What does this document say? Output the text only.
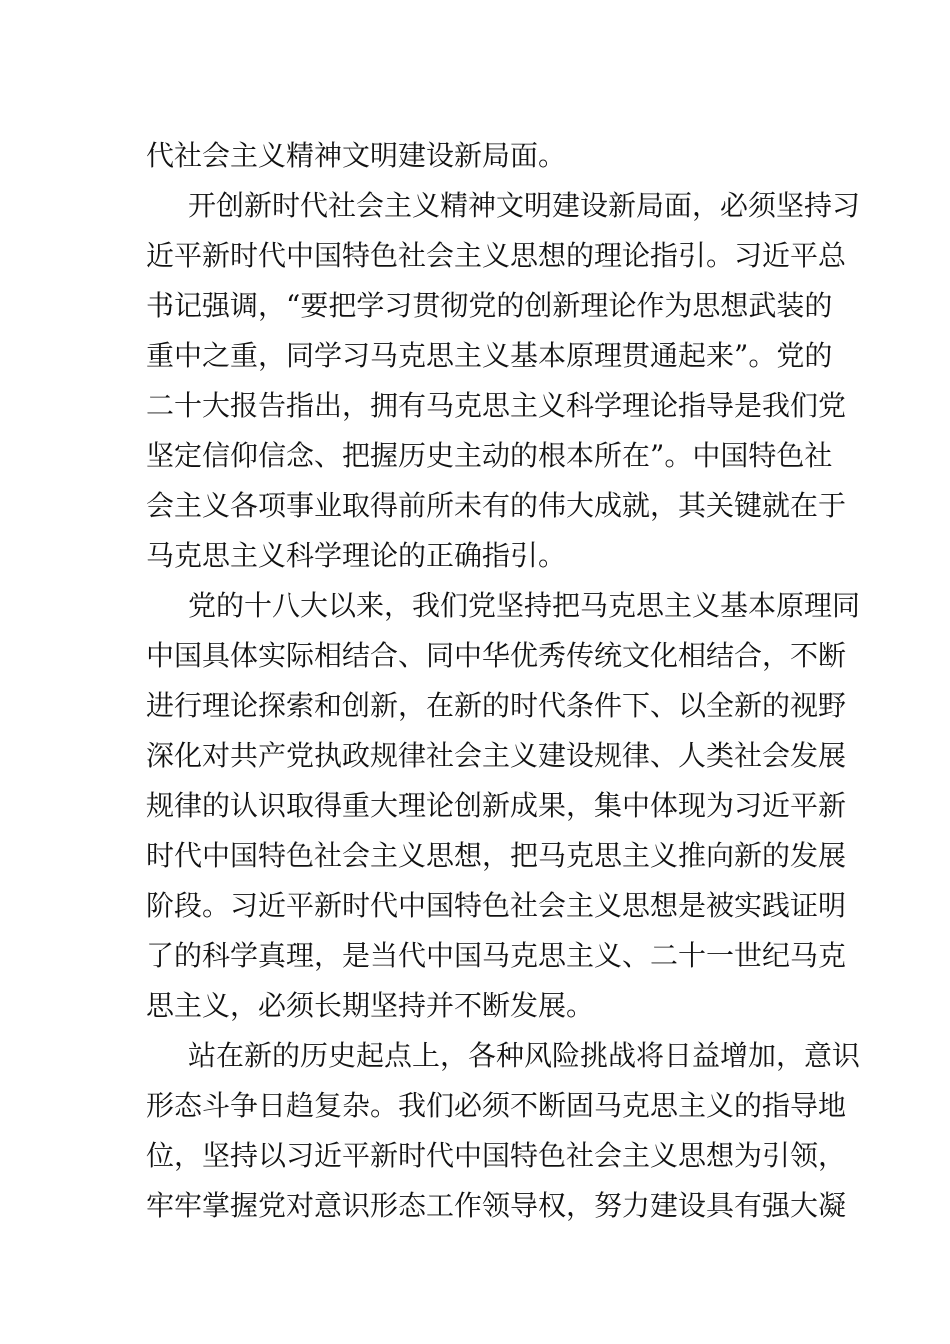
代社会主义精神文明建设新局面。
开创新时代社会主义精神文明建设新局面，必须坚持习
近平新时代中国特色社会主义思想的理论指引。习近平总
书记强调，“要把学习贯彻党的创新理论作为思想武装的
重中之重，同学习马克思主义基本原理贯通起来”。党的
二十大报告指出，拥有马克思主义科学理论指导是我们党
坚定信仰信念、把握历史主动的根本所在”。中国特色社
会主义各项事业取得前所未有的伟大成就，其关键就在于
马克思主义科学理论的正确指引。
党的十八大以来，我们党坚持把马克思主义基本原理同
中国具体实际相结合、同中华优秀传统文化相结合，不断
进行理论探索和创新，在新的时代条件下、以全新的视野
深化对共产党执政规律社会主义建设规律、人类社会发展
规律的认识取得重大理论创新成果，集中体现为习近平新
时代中国特色社会主义思想，把马克思主义推向新的发展
阶段。习近平新时代中国特色社会主义思想是被实践证明
了的科学真理，是当代中国马克思主义、二十一世纪马克
思主义，必须长期坚持并不断发展。
站在新的历史起点上，各种风险挑战将日益增加，意识
形态斗争日趋复杂。我们必须不断固马克思主义的指导地
位，坚持以习近平新时代中国特色社会主义思想为引领，
牢牢掌握党对意识形态工作领导权，努力建设具有强大凝
